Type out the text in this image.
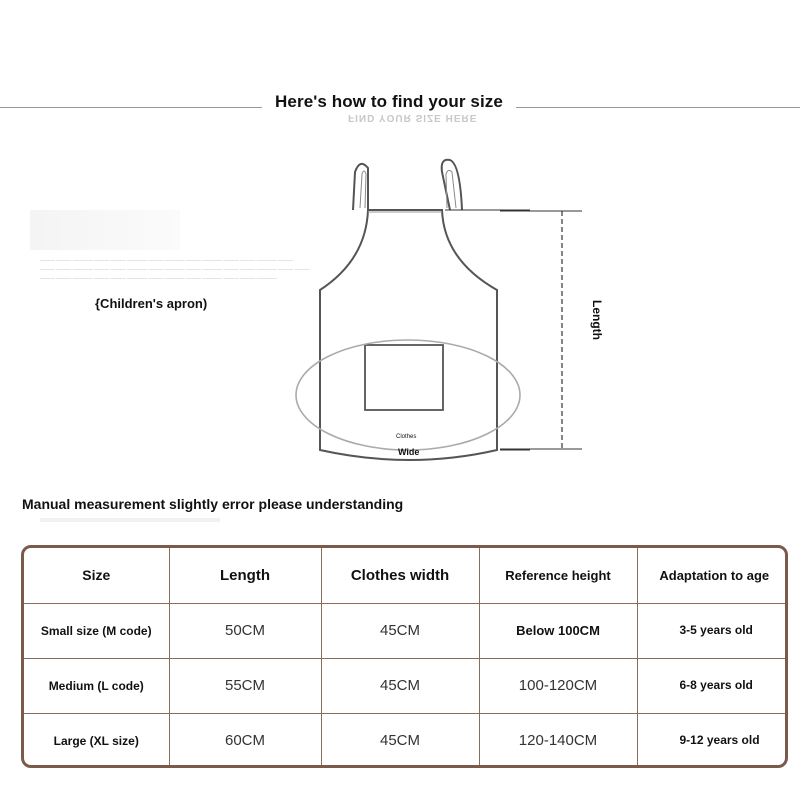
Here's how to find your size
FIND YOUR SIZE HERE
——— ——— ———— ——— ——— ———— ——— ———— ——— ———— ——— ——— ———— ———
——— ——— ———— ——— ——— ———— ——— ———— ——— ———— ——— ——— ———— ——— ———
——— ——— ———— ——— ——— ———— ——— ———— ——— ———— ——— ——— ————
{Children's apron)	Length
Clothes
Wide
Manual measurement slightly error please understanding
Size	Length	Clothes width	Reference height	Adaptation to age
Small size (M code)	50CM	45CM	Below 100CM	3-5 years old
Medium (L code)	55CM	45CM	100-120CM	6-8 years old
Large (XL size)	60CM	45CM	120-140CM	9-12 years old
